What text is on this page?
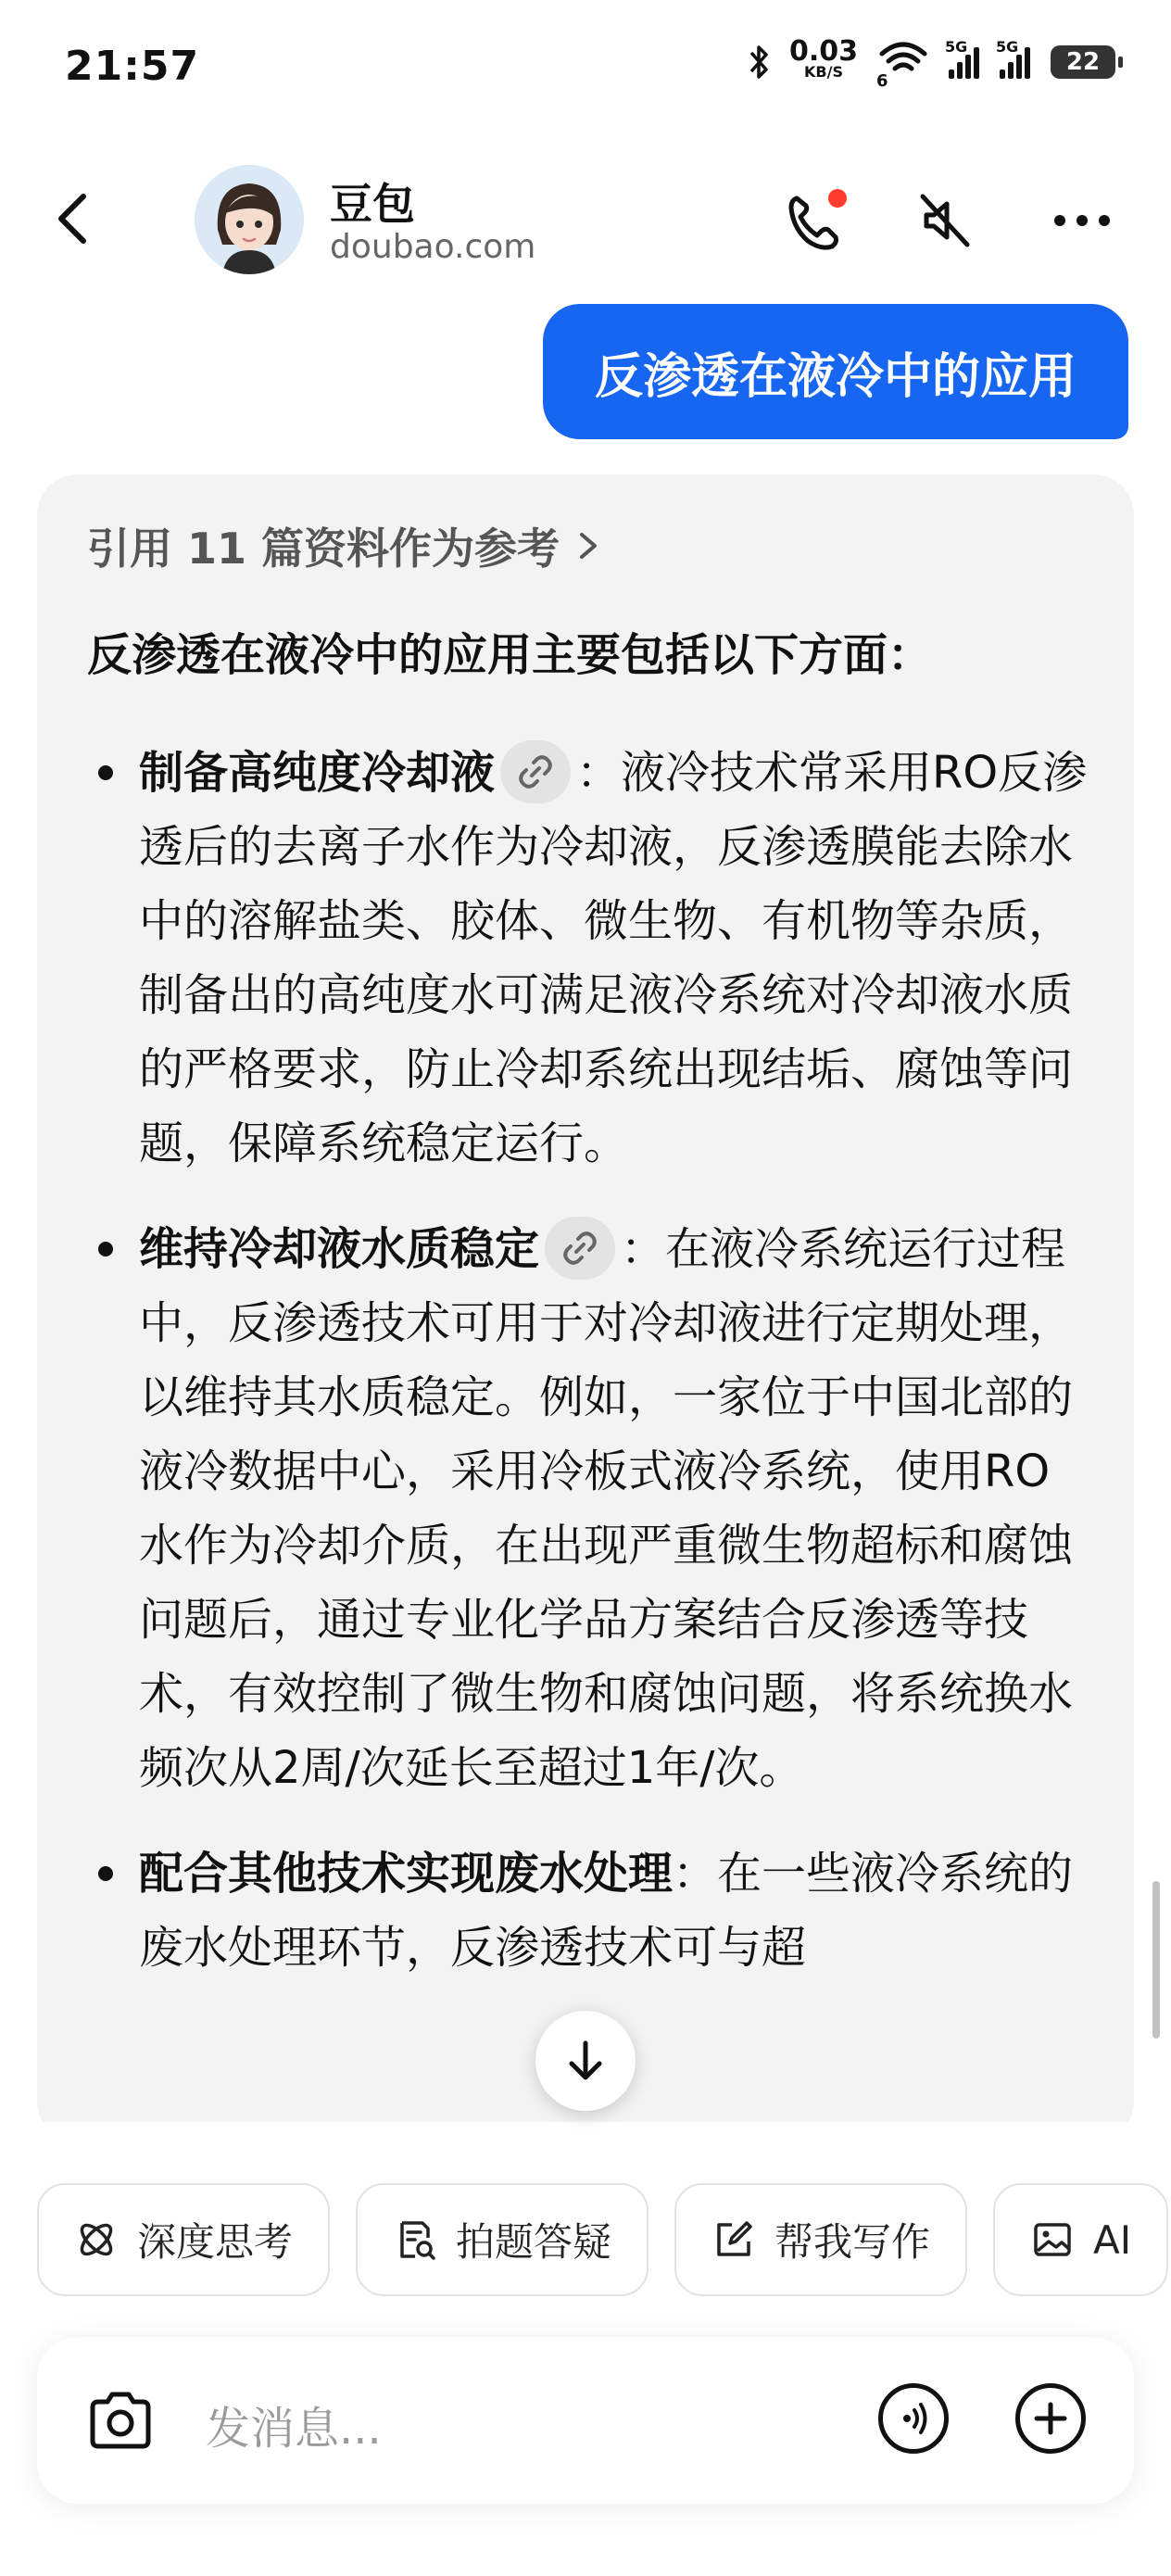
21:57	0.03
KB/S 6
5G 5G
22
豆包
doubao.com
反渗透在液冷中的应用
引用 11 篇资料作为参考
反渗透在液冷中的应用主要包括以下方面：
制备高纯度冷却液 ：液冷技术常采用RO反渗透后的去离子水作为冷却液，反渗透膜能去除水中的溶解盐类、胶体、微生物、有机物等杂质，制备出的高纯度水可满足液冷系统对冷却液水质的严格要求，防止冷却系统出现结垢、腐蚀等问题，保障系统稳定运行。
维持冷却液水质稳定 ：在液冷系统运行过程中，反渗透技术可用于对冷却液进行定期处理，以维持其水质稳定。例如，一家位于中国北部的液冷数据中心，采用冷板式液冷系统，使用RO水作为冷却介质，在出现严重微生物超标和腐蚀问题后，通过专业化学品方案结合反渗透等技术，有效控制了微生物和腐蚀问题，将系统换水频次从2周/次延长至超过1年/次。
配合其他技术实现废水处理：在一些液冷系统的废水处理环节，反渗透技术可与超
深度思考	拍题答疑	帮我写作	AI
发消息...
